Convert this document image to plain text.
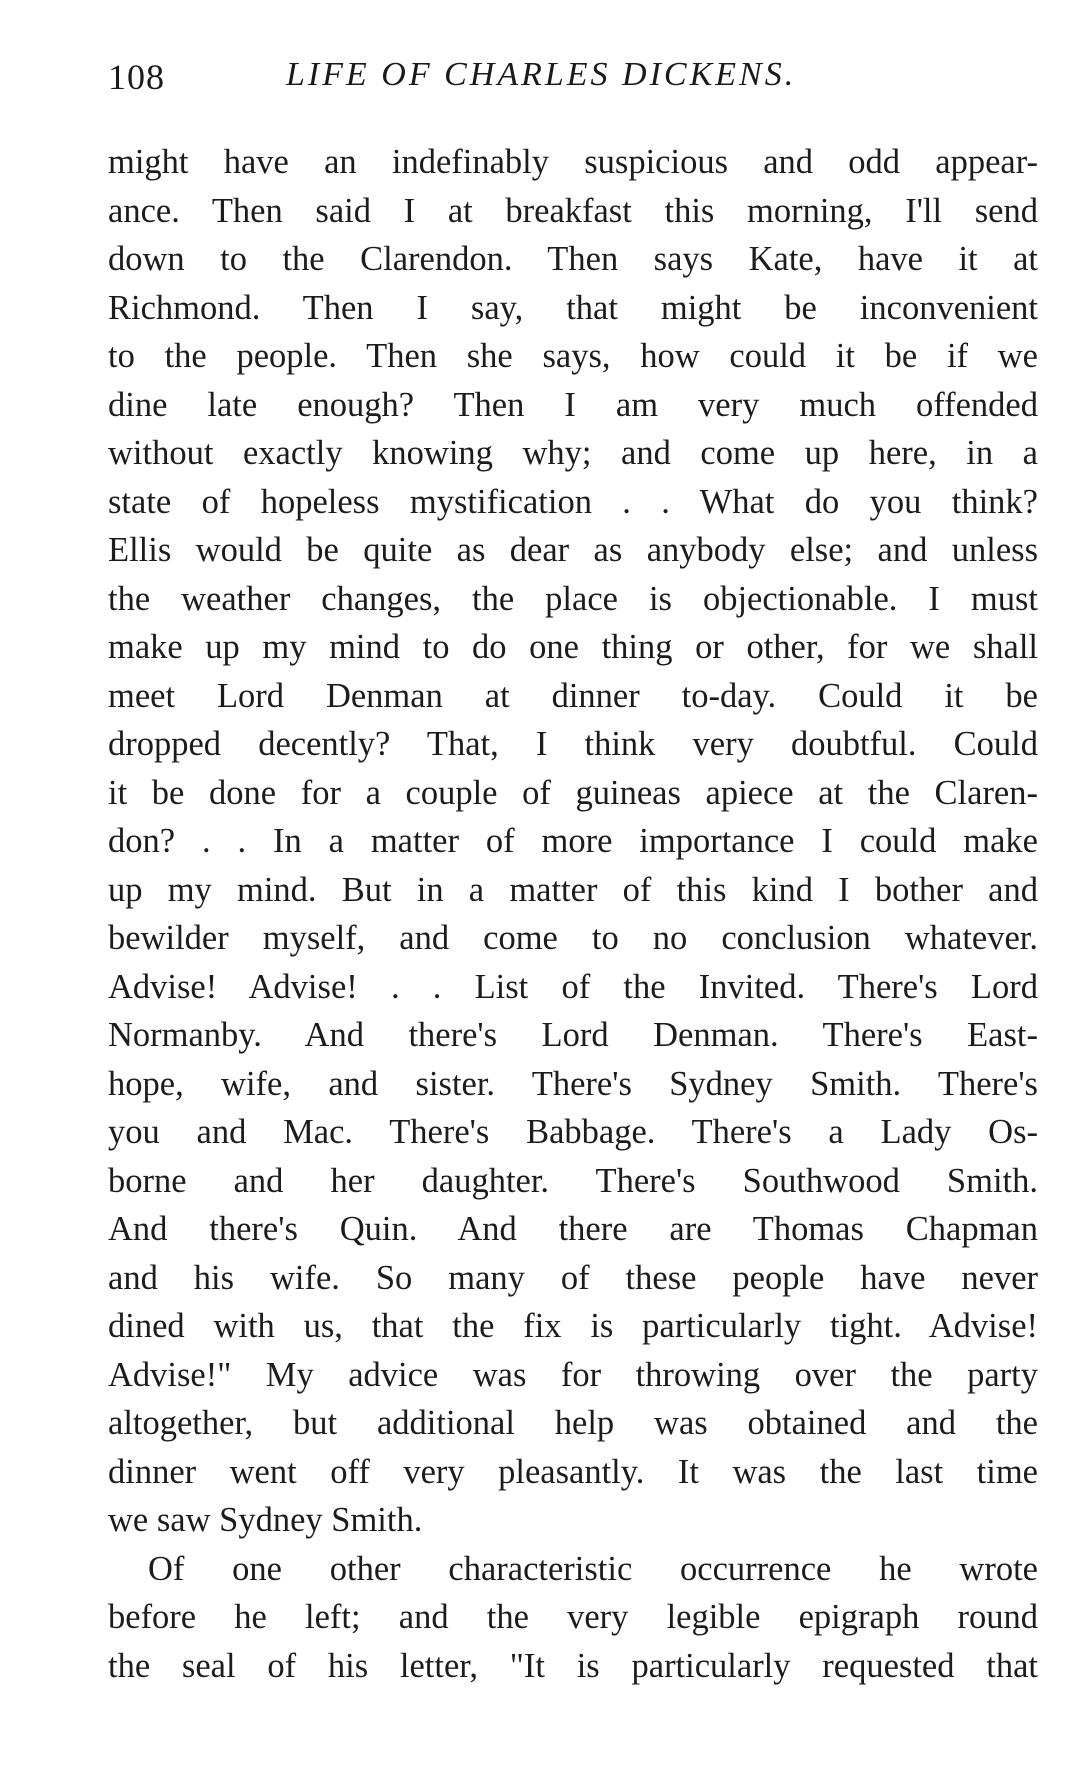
108	LIFE OF CHARLES DICKENS.
might have an indefinably suspicious and odd appear-
ance. Then said I at breakfast this morning, I'll send
down to the Clarendon. Then says Kate, have it at
Richmond. Then I say, that might be inconvenient
to the people. Then she says, how could it be if we
dine late enough? Then I am very much offended
without exactly knowing why; and come up here, in a
state of hopeless mystification . . What do you think?
Ellis would be quite as dear as anybody else; and unless
the weather changes, the place is objectionable. I must
make up my mind to do one thing or other, for we shall
meet Lord Denman at dinner to-day. Could it be
dropped decently? That, I think very doubtful. Could
it be done for a couple of guineas apiece at the Claren-
don? . . In a matter of more importance I could make
up my mind. But in a matter of this kind I bother and
bewilder myself, and come to no conclusion whatever.
Advise! Advise! . . List of the Invited. There's Lord
Normanby. And there's Lord Denman. There's East-
hope, wife, and sister. There's Sydney Smith. There's
you and Mac. There's Babbage. There's a Lady Os-
borne and her daughter. There's Southwood Smith.
And there's Quin. And there are Thomas Chapman
and his wife. So many of these people have never
dined with us, that the fix is particularly tight. Advise!
Advise!" My advice was for throwing over the party
altogether, but additional help was obtained and the
dinner went off very pleasantly. It was the last time
we saw Sydney Smith.
Of one other characteristic occurrence he wrote
before he left; and the very legible epigraph round
the seal of his letter, "It is particularly requested that
